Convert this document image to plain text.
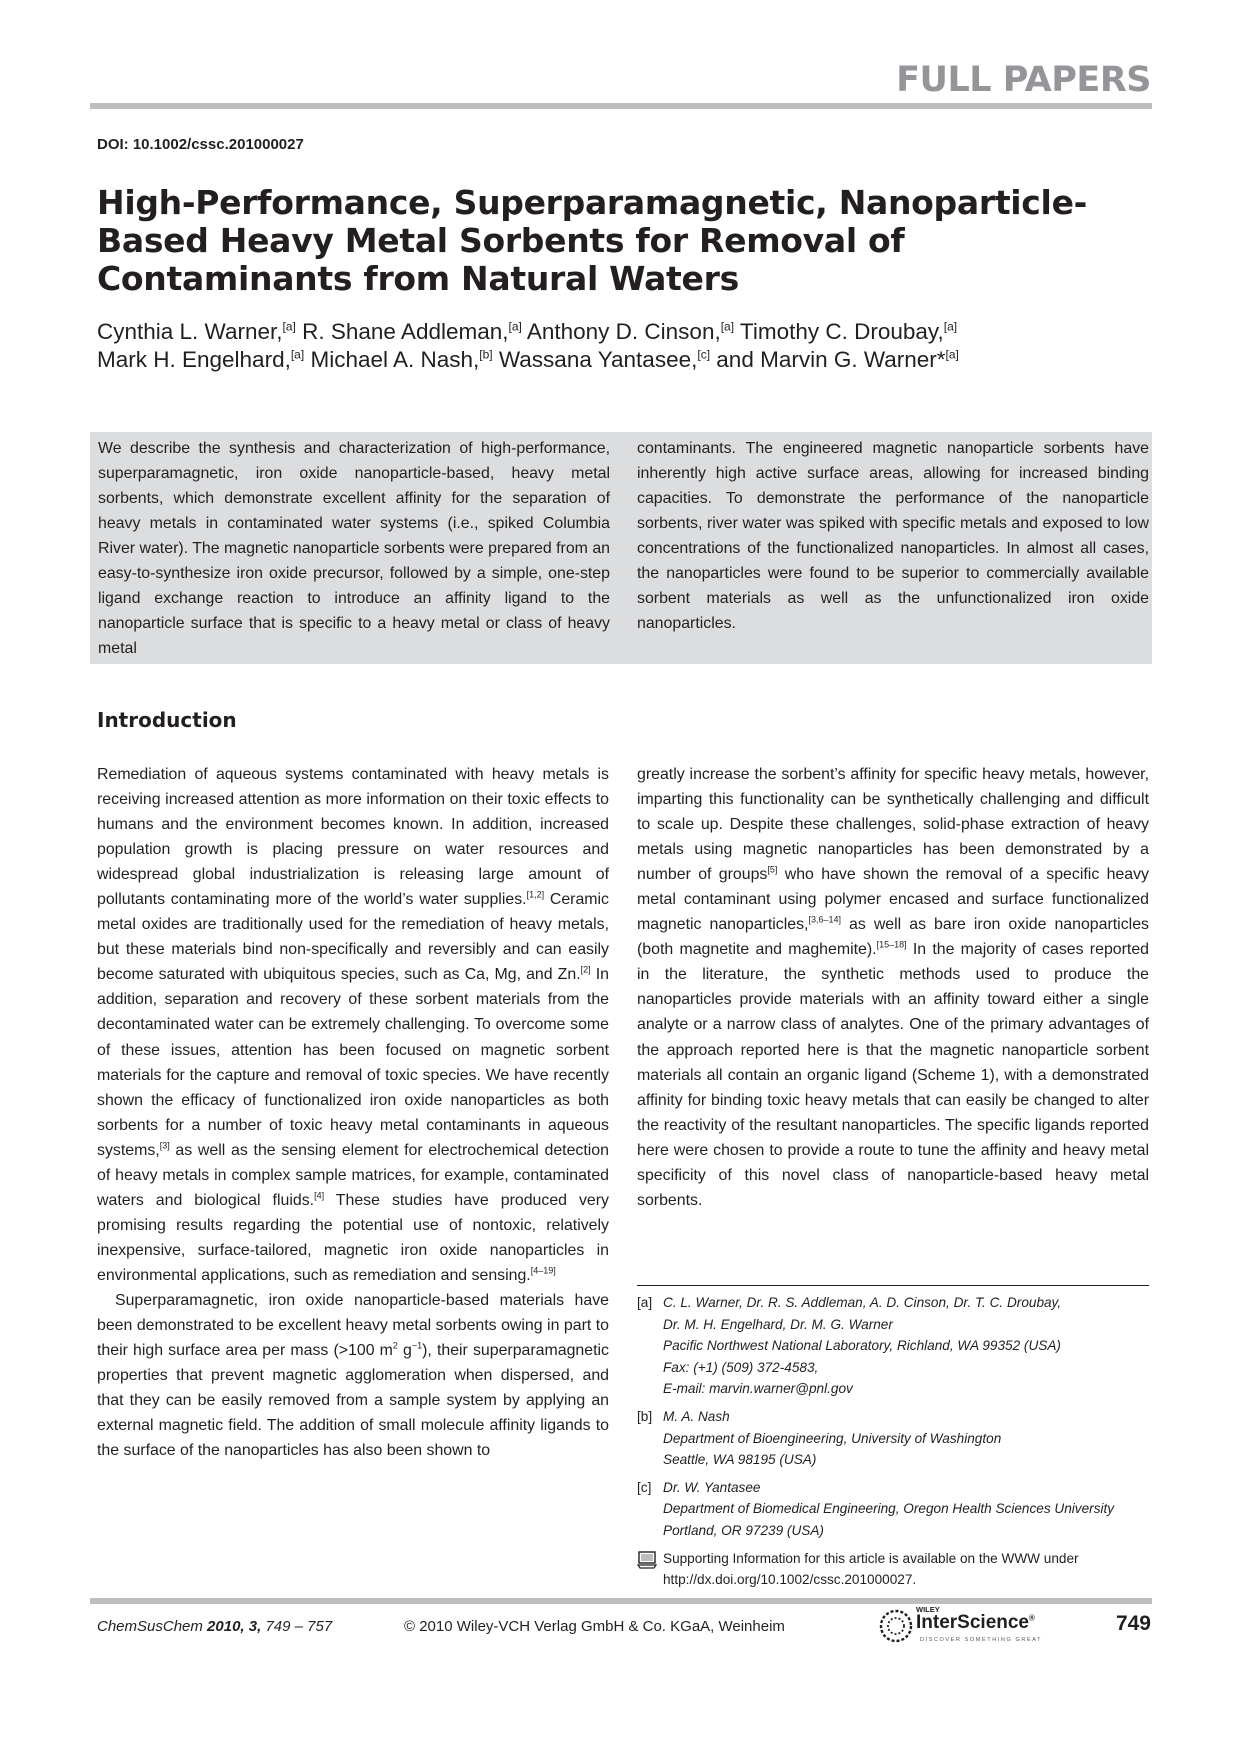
FULL PAPERS

DOI: 10.1002/cssc.201000027

High-Performance, Superparamagnetic, Nanoparticle-Based Heavy Metal Sorbents for Removal of Contaminants from Natural Waters

Cynthia L. Warner,[a] R. Shane Addleman,[a] Anthony D. Cinson,[a] Timothy C. Droubay,[a]
Mark H. Engelhard,[a] Michael A. Nash,[b] Wassana Yantasee,[c] and Marvin G. Warner*[a]

We describe the synthesis and characterization of high-performance, superparamagnetic, iron oxide nanoparticle-based, heavy metal sorbents, which demonstrate excellent affinity for the separation of heavy metals in contaminated water systems (i.e., spiked Columbia River water). The magnetic nanoparticle sorbents were prepared from an easy-to-synthesize iron oxide precursor, followed by a simple, one-step ligand exchange reaction to introduce an affinity ligand to the nanoparticle surface that is specific to a heavy metal or class of heavy metal

contaminants. The engineered magnetic nanoparticle sorbents have inherently high active surface areas, allowing for increased binding capacities. To demonstrate the performance of the nanoparticle sorbents, river water was spiked with specific metals and exposed to low concentrations of the functionalized nanoparticles. In almost all cases, the nanoparticles were found to be superior to commercially available sorbent materials as well as the unfunctionalized iron oxide nanoparticles.

Introduction

Remediation of aqueous systems contaminated with heavy metals is receiving increased attention as more information on their toxic effects to humans and the environment becomes known. In addition, increased population growth is placing pressure on water resources and widespread global industrialization is releasing large amount of pollutants contaminating more of the world’s water supplies.[1,2] Ceramic metal oxides are traditionally used for the remediation of heavy metals, but these materials bind non-specifically and reversibly and can easily become saturated with ubiquitous species, such as Ca, Mg, and Zn.[2] In addition, separation and recovery of these sorbent materials from the decontaminated water can be extremely challenging. To overcome some of these issues, attention has been focused on magnetic sorbent materials for the capture and removal of toxic species. We have recently shown the efficacy of functionalized iron oxide nanoparticles as both sorbents for a number of toxic heavy metal contaminants in aqueous systems,[3] as well as the sensing element for electrochemical detection of heavy metals in complex sample matrices, for example, contaminated waters and biological fluids.[4] These studies have produced very promising results regarding the potential use of nontoxic, relatively inexpensive, surface-tailored, magnetic iron oxide nanoparticles in environmental applications, such as remediation and sensing.[4–19]

Superparamagnetic, iron oxide nanoparticle-based materials have been demonstrated to be excellent heavy metal sorbents owing in part to their high surface area per mass (>100 $m^2$ $g^{-1}$), their superparamagnetic properties that prevent magnetic agglomeration when dispersed, and that they can be easily removed from a sample system by applying an external magnetic field. The addition of small molecule affinity ligands to the surface of the nanoparticles has also been shown to

greatly increase the sorbent’s affinity for specific heavy metals, however, imparting this functionality can be synthetically challenging and difficult to scale up. Despite these challenges, solid-phase extraction of heavy metals using magnetic nanoparticles has been demonstrated by a number of groups[5] who have shown the removal of a specific heavy metal contaminant using polymer encased and surface functionalized magnetic nanoparticles,[3,6–14] as well as bare iron oxide nanoparticles (both magnetite and maghemite).[15–18] In the majority of cases reported in the literature, the synthetic methods used to produce the nanoparticles provide materials with an affinity toward either a single analyte or a narrow class of analytes. One of the primary advantages of the approach reported here is that the magnetic nanoparticle sorbent materials all contain an organic ligand (Scheme 1), with a demonstrated affinity for binding toxic heavy metals that can easily be changed to alter the reactivity of the resultant nanoparticles. The specific ligands reported here were chosen to provide a route to tune the affinity and heavy metal specificity of this novel class of nanoparticle-based heavy metal sorbents.

[a] C. L. Warner, Dr. R. S. Addleman, A. D. Cinson, Dr. T. C. Droubay,
Dr. M. H. Engelhard, Dr. M. G. Warner
Pacific Northwest National Laboratory, Richland, WA 99352 (USA)
Fax: (+1) (509) 372-4583,
E-mail: marvin.warner@pnl.gov
[b] M. A. Nash
Department of Bioengineering, University of Washington
Seattle, WA 98195 (USA)
[c] Dr. W. Yantasee
Department of Biomedical Engineering, Oregon Health Sciences University
Portland, OR 97239 (USA)
Supporting Information for this article is available on the WWW under
http://dx.doi.org/10.1002/cssc.201000027.

ChemSusChem 2010, 3, 749 – 757	© 2010 Wiley-VCH Verlag GmbH & Co. KGaA, Weinheim

WILEY
InterScience®
DISCOVER SOMETHING GREAT

749
